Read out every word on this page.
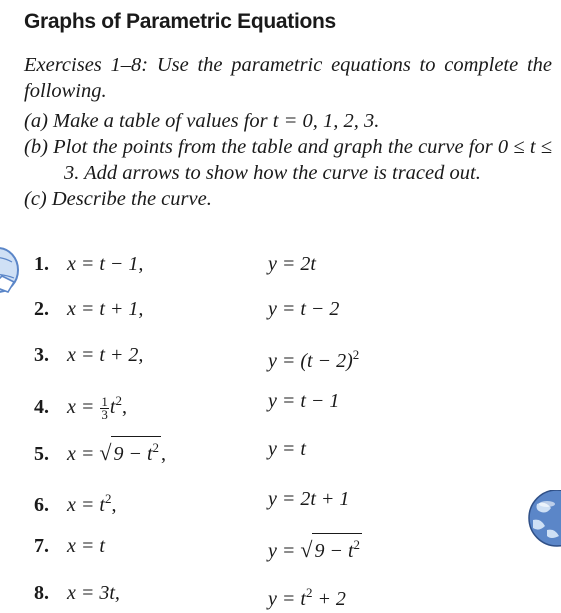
Graphs of Parametric Equations
Exercises 1–8: Use the parametric equations to complete the following.
(a) Make a table of values for t = 0, 1, 2, 3.
(b) Plot the points from the table and graph the curve for 0 ≤ t ≤ 3. Add arrows to show how the curve is traced out.
(c) Describe the curve.
1. x = t − 1,	y = 2t
2. x = t + 1,	y = t − 2
3. x = t + 2,	$y = (t - 2)^2$
4. $x = \frac{1}{3} t^2$,	y = t − 1
5. x = √ $9 - t^2$ ,	y = t
6. $x = t^2$,	y = 2t + 1
7. x = t	y = √ $9 - t^2$
8. x = 3t,	$y = t^2 + 2$
